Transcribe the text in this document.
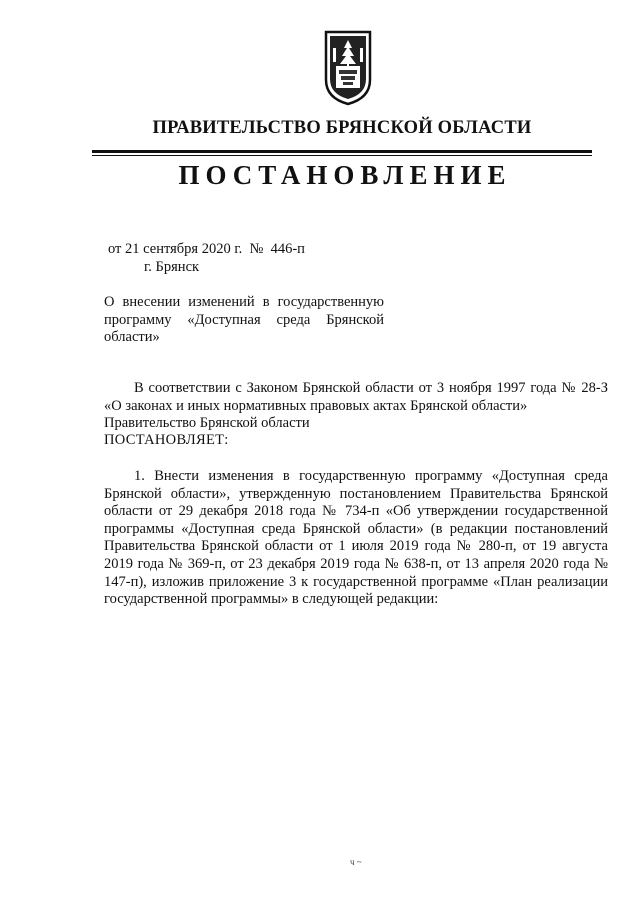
ПРАВИТЕЛЬСТВО БРЯНСКОЙ ОБЛАСТИ
ПОСТАНОВЛЕНИЕ
от 21 сентября 2020 г.  №  446-п
г. Брянск
О внесении изменений в государственную программу «Доступная среда Брянской области»
В соответствии с Законом Брянской области от 3 ноября 1997 года № 28-З «О законах и иных нормативных правовых актах Брянской области»
Правительство Брянской области
ПОСТАНОВЛЯЕТ:
1. Внести изменения в государственную программу «Доступная среда Брянской области», утвержденную постановлением Правительства Брянской области от 29 декабря 2018 года № 734-п «Об утверждении государственной программы «Доступная среда Брянской области» (в редакции постановлений Правительства Брянской области от 1 июля 2019 года № 280-п, от 19 августа 2019 года № 369-п, от 23 декабря 2019 года № 638-п, от 13 апреля 2020 года № 147-п), изложив приложение 3 к государственной программе «План реализации государственной программы» в следующей редакции:
ч ~
